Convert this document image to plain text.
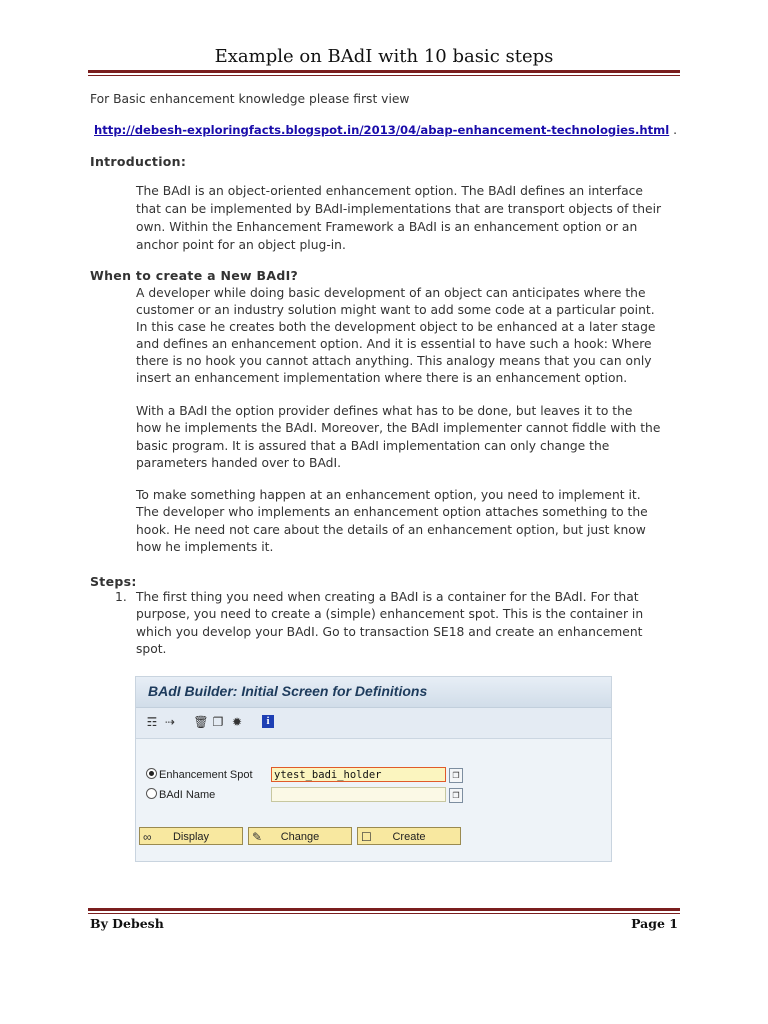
Example on BAdI with 10 basic steps

For Basic enhancement knowledge please first view

http://debesh-exploringfacts.blogspot.in/2013/04/abap-enhancement-technologies.html .

Introduction:

The BAdI is an object-oriented enhancement option. The BAdI defines an interface

that can be implemented by BAdI-implementations that are transport objects of their

own. Within the Enhancement Framework a BAdI is an enhancement option or an

anchor point for an object plug-in.

When to create a New BAdI?

A developer while doing basic development of an object can anticipates where the

customer or an industry solution might want to add some code at a particular point.

In this case he creates both the development object to be enhanced at a later stage

and defines an enhancement option. And it is essential to have such a hook: Where

there is no hook you cannot attach anything. This analogy means that you can only

insert an enhancement implementation where there is an enhancement option.

With a BAdI the option provider defines what has to be done, but leaves it to the

how he implements the BAdI. Moreover, the BAdI implementer cannot fiddle with the

basic program. It is assured that a BAdI implementation can only change the

parameters handed over to BAdI.

To make something happen at an enhancement option, you need to implement it.

The developer who implements an enhancement option attaches something to the

hook. He need not care about the details of an enhancement option, but just know

how he implements it.

Steps:
1. The first thing you need when creating a BAdI is a container for the BAdI. For that

purpose, you need to create a (simple) enhancement spot. This is the container in

which you develop your BAdI. Go to transaction SE18 and create an enhancement

spot.

BAdI Builder: Initial Screen for Definitions
☶ ⇢ 🗑 ❐ ✹	i
Enhancement Spot ytest_badi_holder	❐
BAdI Name	❐
∞	Display	✎	Change	☐	Create
By Debesh	Page 1
